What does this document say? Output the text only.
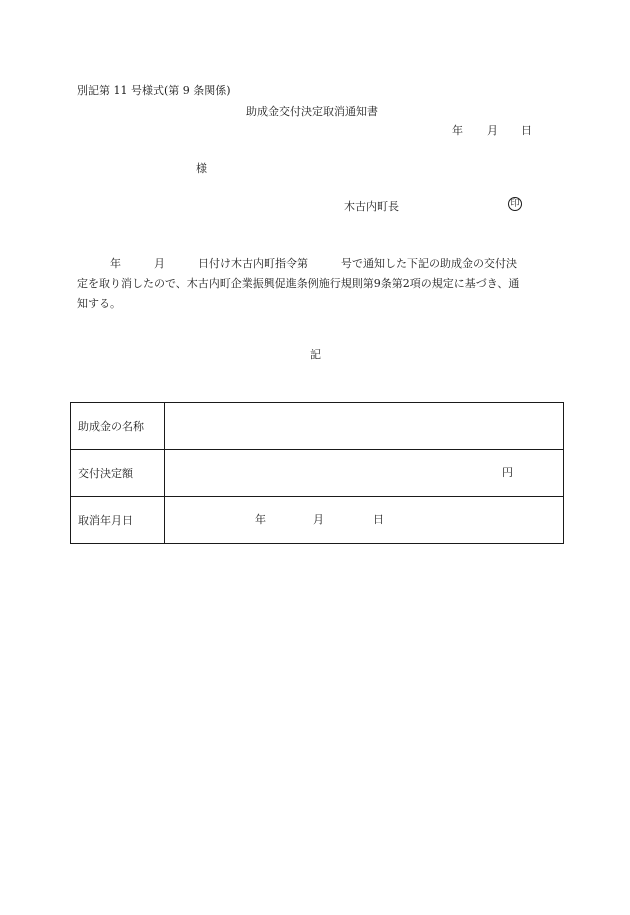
別記第 11 号様式(第 9 条関係)
助成金交付決定取消通知書
年 月 日
様
木古内町長	印
　　　年　　　月　　　日付け木古内町指令第　　　号で通知した下記の助成金の交付決
定を取り消したので、木古内町企業振興促進条例施行規則第9条第2項の規定に基づき、通
知する。
記
助成金の名称	

交付決定額	円

取消年月日	年 月 日
